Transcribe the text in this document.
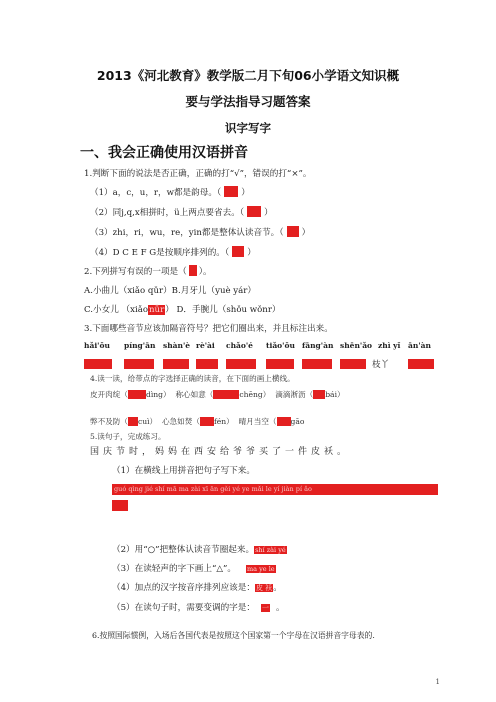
2013《河北教育》教学版二月下旬06小学语文知识概
要与学法指导习题答案
识字写字
一、我会正确使用汉语拼音
1.判断下面的说法是否正确，正确的打“√”，错误的打“×”。
（1）a，c，u，r，w都是韵母。（ ）
（2）同j,q,x相拼时，ü上两点要省去。（ ）
（3）zhi，ri，wu，re，yin都是整体认读音节。（ ）
（4）D C E F G是按顺序排列的。（ ）
2.下列拼写有误的一项是（ ）。
A.小曲儿（xiǎo qǔr）B.月牙儿（yuè yár）
C.小女儿 （xiǎonǚr） D．手腕儿（shǒu wǒnr）
3.下面哪些音节应该加隔音符号？把它们圈出来，并且标注出来。
hǎi'ǒu píng'ān shàn'è rè'ài chǎo'é tiǎo'ǒu fāng'àn shēn'ǎo zhì yǐ ān'àn
枝丫
4.读一读，给带点的字选择正确的读音，在下面的画上横线。
皮开肉绽（ dìng） 称心如意（	chēng） 滴滴淅沥（ bái）
弊不及防（ cuì） 心急如焚（ fén） 晴月当空（ gāo
5.读句子，完成练习。
国庆节时，妈妈在西安给爷爷买了一件皮袄。
（1）在横线上用拼音把句子写下来。
guó qìng jié shí mā ma zài xī ān gěi yé ye mǎi le yí jiàn pí ǎo
（2）用“○”把整体认读音节圈起来。shí zài yé
（3）在读轻声的字下画上“△”。 ma ye le
（4）加点的汉字按音序排列应该是：皮 袄。
（5）在读句子时，需要变调的字是： 一 。
6.按照国际惯例，入场后各国代表是按照这个国家第一个字母在汉语拼音字母表的.
1
